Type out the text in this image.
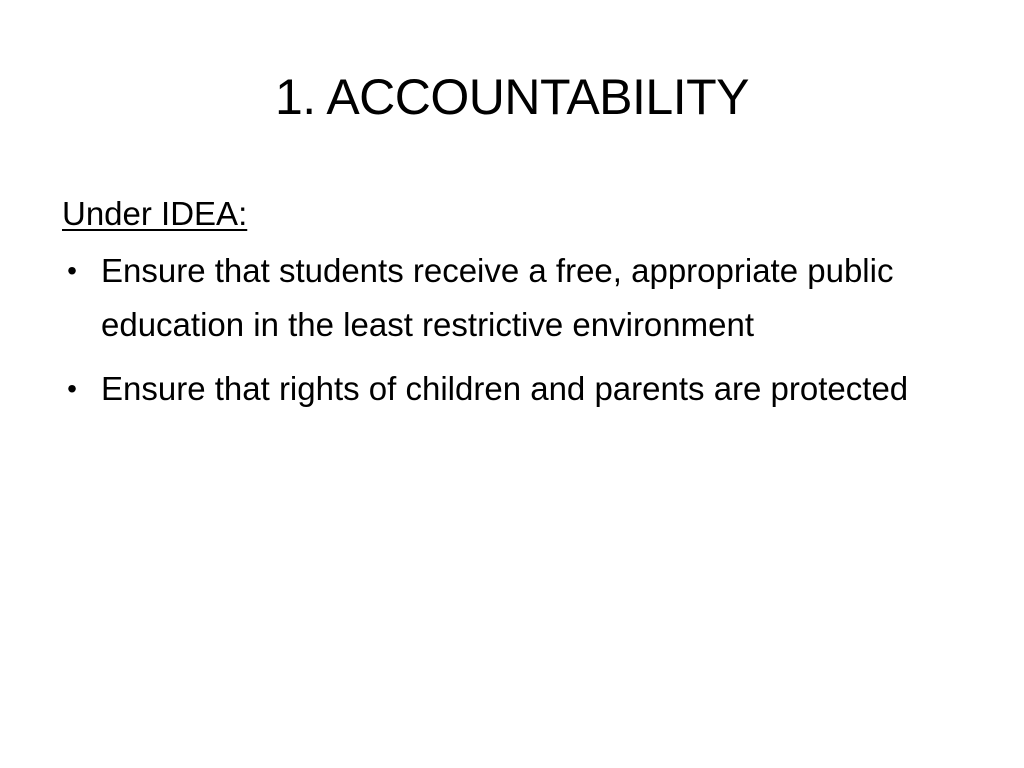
1. ACCOUNTABILITY
Under IDEA:
• Ensure that students receive a free, appropriate public education in the least restrictive environment
• Ensure that rights of children and parents are protected
